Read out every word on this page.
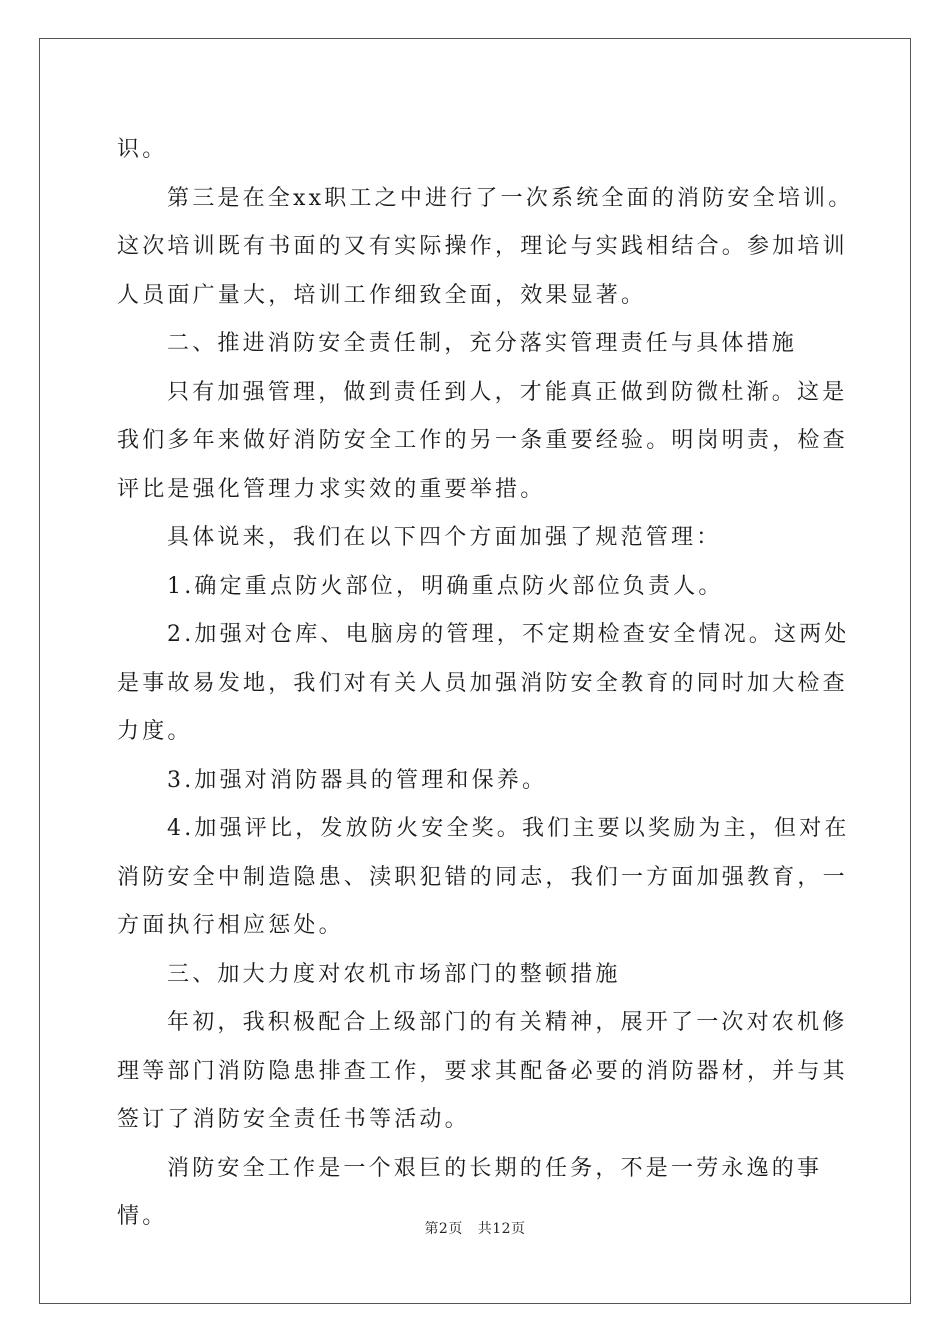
识。

第三是在全xx职工之中进行了一次系统全面的消防安全培训。这次培训既有书面的又有实际操作，理论与实践相结合。参加培训人员面广量大，培训工作细致全面，效果显著。

二、推进消防安全责任制，充分落实管理责任与具体措施

只有加强管理，做到责任到人，才能真正做到防微杜渐。这是我们多年来做好消防安全工作的另一条重要经验。明岗明责，检查评比是强化管理力求实效的重要举措。

具体说来，我们在以下四个方面加强了规范管理：

1.确定重点防火部位，明确重点防火部位负责人。

2.加强对仓库、电脑房的管理，不定期检查安全情况。这两处是事故易发地，我们对有关人员加强消防安全教育的同时加大检查力度。

3.加强对消防器具的管理和保养。

4.加强评比，发放防火安全奖。我们主要以奖励为主，但对在消防安全中制造隐患、渎职犯错的同志，我们一方面加强教育，一方面执行相应惩处。

三、加大力度对农机市场部门的整顿措施

年初，我积极配合上级部门的有关精神，展开了一次对农机修理等部门消防隐患排查工作，要求其配备必要的消防器材，并与其签订了消防安全责任书等活动。

消防安全工作是一个艰巨的长期的任务，不是一劳永逸的事情。	第2页 共12页
